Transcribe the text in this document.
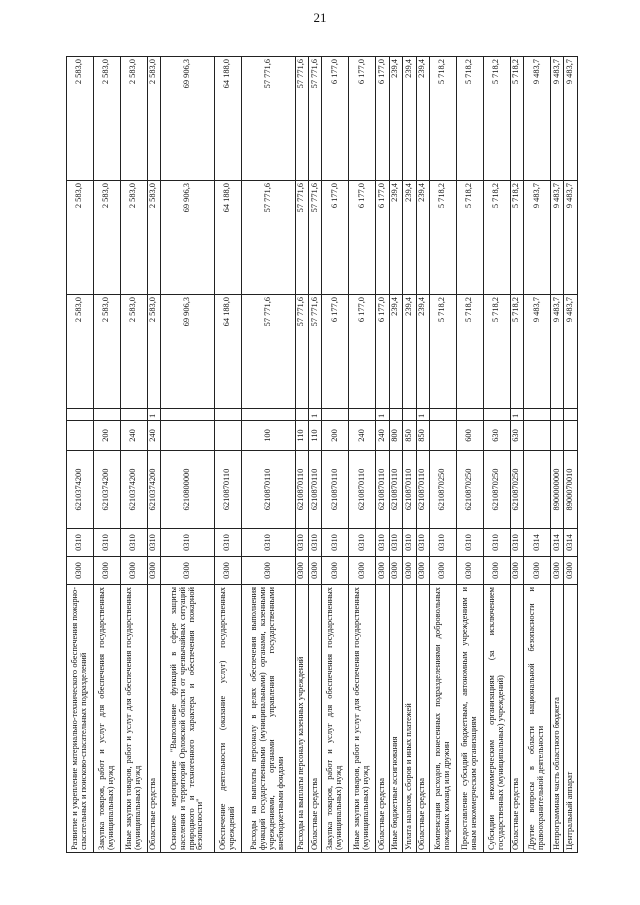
21
Развитие и укрепление материально-технического обеспечения пожарно-спасательных и поисково-спасательных подразделений	0300	0310	6210374200			2 583,0	2 583,0	2 583,0
Закупка товаров, работ и услуг для обеспечения государственных (муниципальных) нужд	0300	0310	6210374200	200		2 583,0	2 583,0	2 583,0
Иные закупки товаров, работ и услуг для обеспечения государственных (муниципальных) нужд	0300	0310	6210374200	240		2 583,0	2 583,0	2 583,0
Областные средства	0300	0310	6210374200	240	1	2 583,0	2 583,0	2 583,0
Основное мероприятие "Выполнение функций в сфере защиты населения и территорий Орловской области от чрезвычайных ситуаций природного и техногенного характера и обеспечения пожарной безопасности"	0300	0310	6210800000			69 906,3	69 906,3	69 906,3
Обеспечение деятельности (оказание услуг) государственных учреждений	0300	0310	6210870110			64 188,0	64 188,0	64 188,0
Расходы на выплаты персоналу в целях обеспечения выполнения функций государственными (муниципальными) органами, казенными учреждениями, органами управления государственными внебюджетными фондами	0300	0310	6210870110	100		57 771,6	57 771,6	57 771,6
Расходы на выплаты персоналу казенных учреждений	0300	0310	6210870110	110		57 771,6	57 771,6	57 771,6
Областные средства	0300	0310	6210870110	110	1	57 771,6	57 771,6	57 771,6
Закупка товаров, работ и услуг для обеспечения государственных (муниципальных) нужд	0300	0310	6210870110	200		6 177,0	6 177,0	6 177,0
Иные закупки товаров, работ и услуг для обеспечения государственных (муниципальных) нужд	0300	0310	6210870110	240		6 177,0	6 177,0	6 177,0
Областные средства	0300	0310	6210870110	240	1	6 177,0	6 177,0	6 177,0
Иные бюджетные ассигнования	0300	0310	6210870110	800		239,4	239,4	239,4
Уплата налогов, сборов и иных платежей	0300	0310	6210870110	850		239,4	239,4	239,4
Областные средства	0300	0310	6210870110	850	1	239,4	239,4	239,4
Компенсация расходов, понесенных подразделениями добровольных пожарных команд или дружин	0300	0310	6210870250			5 718,2	5 718,2	5 718,2
Предоставление субсидий бюджетным, автономным учреждениям и иным некоммерческим организациям	0300	0310	6210870250	600		5 718,2	5 718,2	5 718,2
Субсидии некоммерческим организациям (за исключением государственных (муниципальных) учреждений)	0300	0310	6210870250	630		5 718,2	5 718,2	5 718,2
Областные средства	0300	0310	6210870250	630	1	5 718,2	5 718,2	5 718,2
Другие вопросы в области национальной безопасности и правоохранительной деятельности	0300	0314				9 483,7	9 483,7	9 483,7
Непрограммная часть областного бюджета	0300	0314	8900000000			9 483,7	9 483,7	9 483,7
Центральный аппарат	0300	0314	8900070010			9 483,7	9 483,7	9 483,7
